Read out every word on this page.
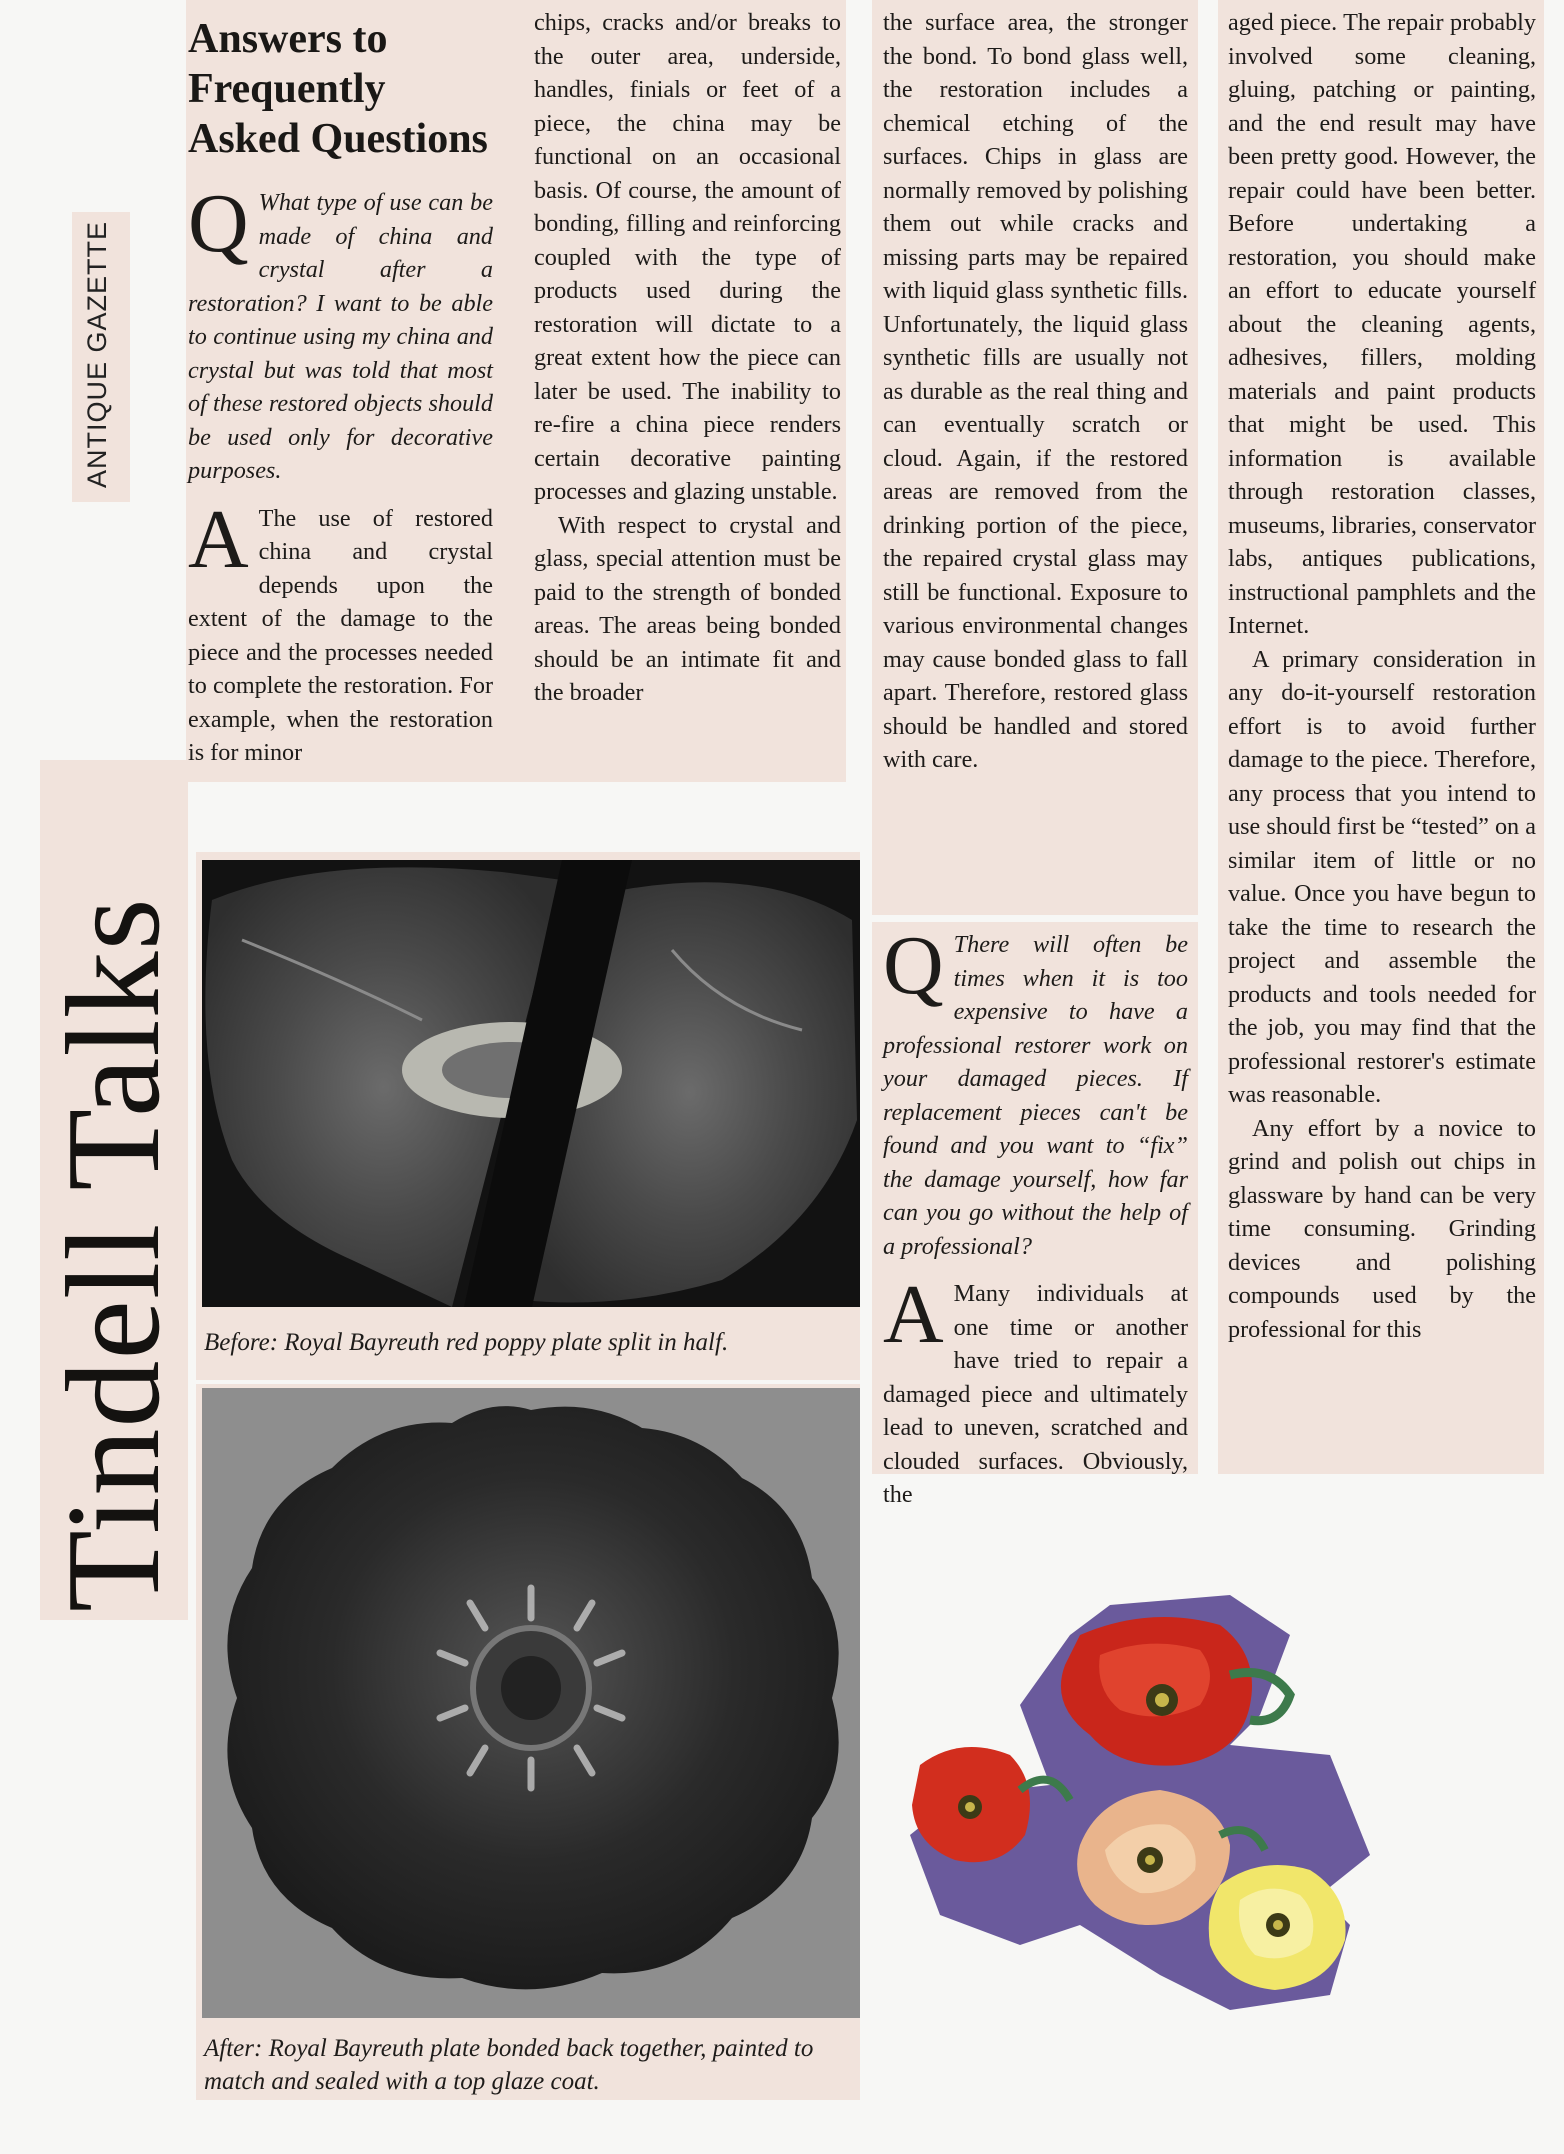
ANTIQUE GAZETTE
Tindell Talks
Answers to Frequently Asked Questions

Q What type of use can be made of china and crystal after a restoration? I want to be able to continue using my china and crystal but was told that most of these restored objects should be used only for decorative purposes.

A The use of restored china and crystal depends upon the extent of the damage to the piece and the processes needed to complete the restoration. For example, when the restoration is for minor

chips, cracks and/or breaks to the outer area, underside, handles, finials or feet of a piece, the china may be functional on an occasional basis. Of course, the amount of bonding, filling and reinforcing coupled with the type of products used during the restoration will dictate to a great extent how the piece can later be used. The inability to re-fire a china piece renders certain decorative painting processes and glazing unstable.

With respect to crystal and glass, special attention must be paid to the strength of bonded areas. The areas being bonded should be an intimate fit and the broader

the surface area, the stronger the bond. To bond glass well, the restoration includes a chemical etching of the surfaces. Chips in glass are normally removed by polishing them out while cracks and missing parts may be repaired with liquid glass synthetic fills. Unfortunately, the liquid glass synthetic fills are usually not as durable as the real thing and can eventually scratch or cloud. Again, if the restored areas are removed from the drinking portion of the piece, the repaired crystal glass may still be functional. Exposure to various environmental changes may cause bonded glass to fall apart. Therefore, restored glass should be handled and stored with care.

Q There will often be times when it is too expensive to have a professional restorer work on your damaged pieces. If replacement pieces can't be found and you want to “fix” the damage yourself, how far can you go without the help of a professional?

A Many individuals at one time or another have tried to repair a damaged piece and ultimately lead to uneven, scratched and clouded surfaces. Obviously, the

aged piece. The repair probably involved some cleaning, gluing, patching or painting, and the end result may have been pretty good. However, the repair could have been better. Before undertaking a restoration, you should make an effort to educate yourself about the cleaning agents, adhesives, fillers, molding materials and paint products that might be used. This information is available through restoration classes, museums, libraries, conservator labs, antiques publications, instructional pamphlets and the Internet.

A primary consideration in any do-it-yourself restoration effort is to avoid further damage to the piece. Therefore, any process that you intend to use should first be “tested” on a similar item of little or no value. Once you have begun to take the time to research the project and assemble the products and tools needed for the job, you may find that the professional restorer's estimate was reasonable.

Any effort by a novice to grind and polish out chips in glassware by hand can be very time consuming. Grinding devices and polishing compounds used by the professional for this

Before: Royal Bayreuth red poppy plate split in half.
After: Royal Bayreuth plate bonded back together, painted to match and sealed with a top glaze coat.
